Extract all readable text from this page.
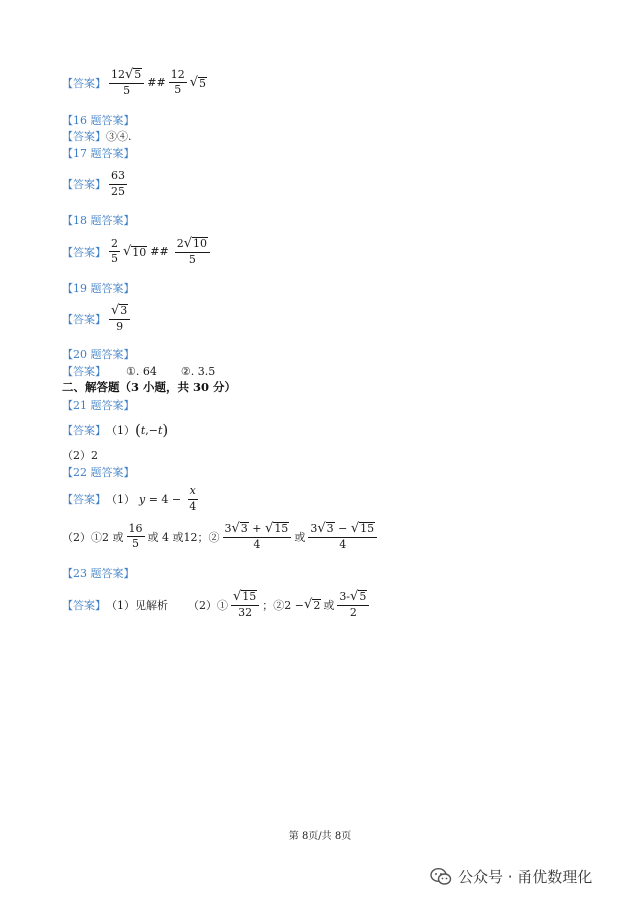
【答案】 $\frac{12 √ 5}{5}$ ## $\frac{12}{5}$ √ 5
【16 题答案】
【答案】③④.
【17 题答案】
【答案】 $\frac{63}{25}$
【18 题答案】
【答案】 $\frac{2}{5}$ √ 10 ## $\frac{2 √ 10}{5}$
【19 题答案】
【答案】 $\frac{√ 3}{9}$
【20 题答案】
【答案】 ①. 64 ②. 3.5
二、解答题（3 小题，共 30 分）
【21 题答案】
【答案】 （1） ( t , −t )
（2）2
【22 题答案】
【答案】 （1） $y = 4 - \frac{x}{4}$
（2）①2 或 $\frac{16}{5}$ 或 4 或12；② $\frac{3 √ 3 + √ 15}{4}$ 或 $\frac{3 √ 3 - √ 15}{4}$
【23 题答案】
【答案】 （1）见解析 （2）① $\frac{√ 15}{32}$ ；②2 − √ 2 或 $\frac{3- √ 5}{2}$
第 8页/共 8页
公众号 · 甬优数理化
